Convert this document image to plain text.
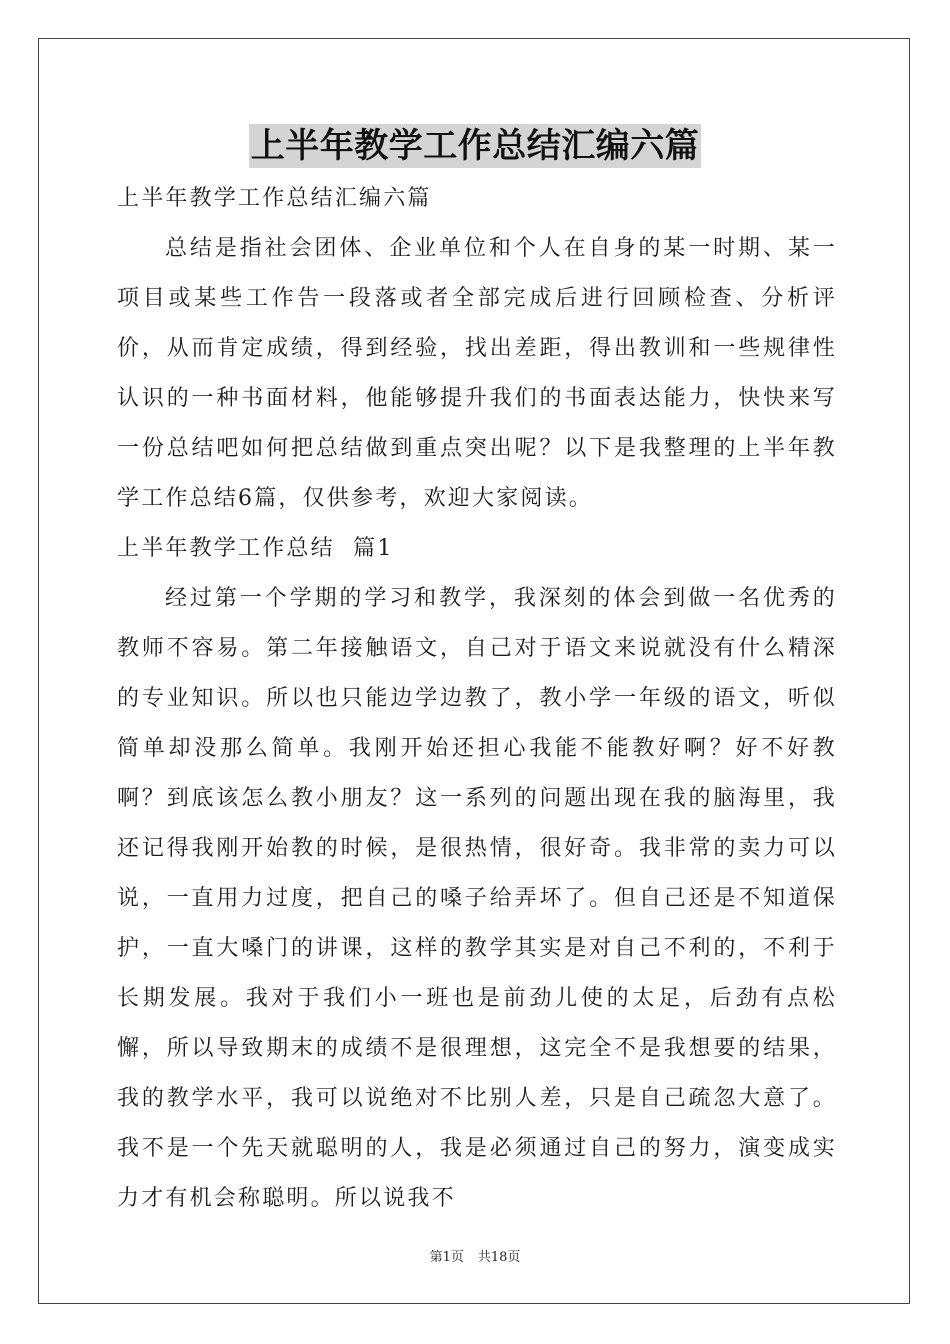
上半年教学工作总结汇编六篇

上半年教学工作总结汇编六篇

总结是指社会团体、企业单位和个人在自身的某一时期、某一项目或某些工作告一段落或者全部完成后进行回顾检查、分析评价，从而肯定成绩，得到经验，找出差距，得出教训和一些规律性认识的一种书面材料，他能够提升我们的书面表达能力，快快来写一份总结吧如何把总结做到重点突出呢？以下是我整理的上半年教学工作总结6篇，仅供参考，欢迎大家阅读。

上半年教学工作总结  篇1

经过第一个学期的学习和教学，我深刻的体会到做一名优秀的教师不容易。第二年接触语文，自己对于语文来说就没有什么精深的专业知识。所以也只能边学边教了，教小学一年级的语文，听似简单却没那么简单。我刚开始还担心我能不能教好啊？好不好教啊？到底该怎么教小朋友？这一系列的问题出现在我的脑海里，我还记得我刚开始教的时候，是很热情，很好奇。我非常的卖力可以说，一直用力过度，把自己的嗓子给弄坏了。但自己还是不知道保护，一直大嗓门的讲课，这样的教学其实是对自己不利的，不利于长期发展。我对于我们小一班也是前劲儿使的太足，后劲有点松懈，所以导致期末的成绩不是很理想，这完全不是我想要的结果，我的教学水平，我可以说绝对不比别人差，只是自己疏忽大意了。我不是一个先天就聪明的人，我是必须通过自己的努力，演变成实力才有机会称聪明。所以说我不

第1页 共18页
